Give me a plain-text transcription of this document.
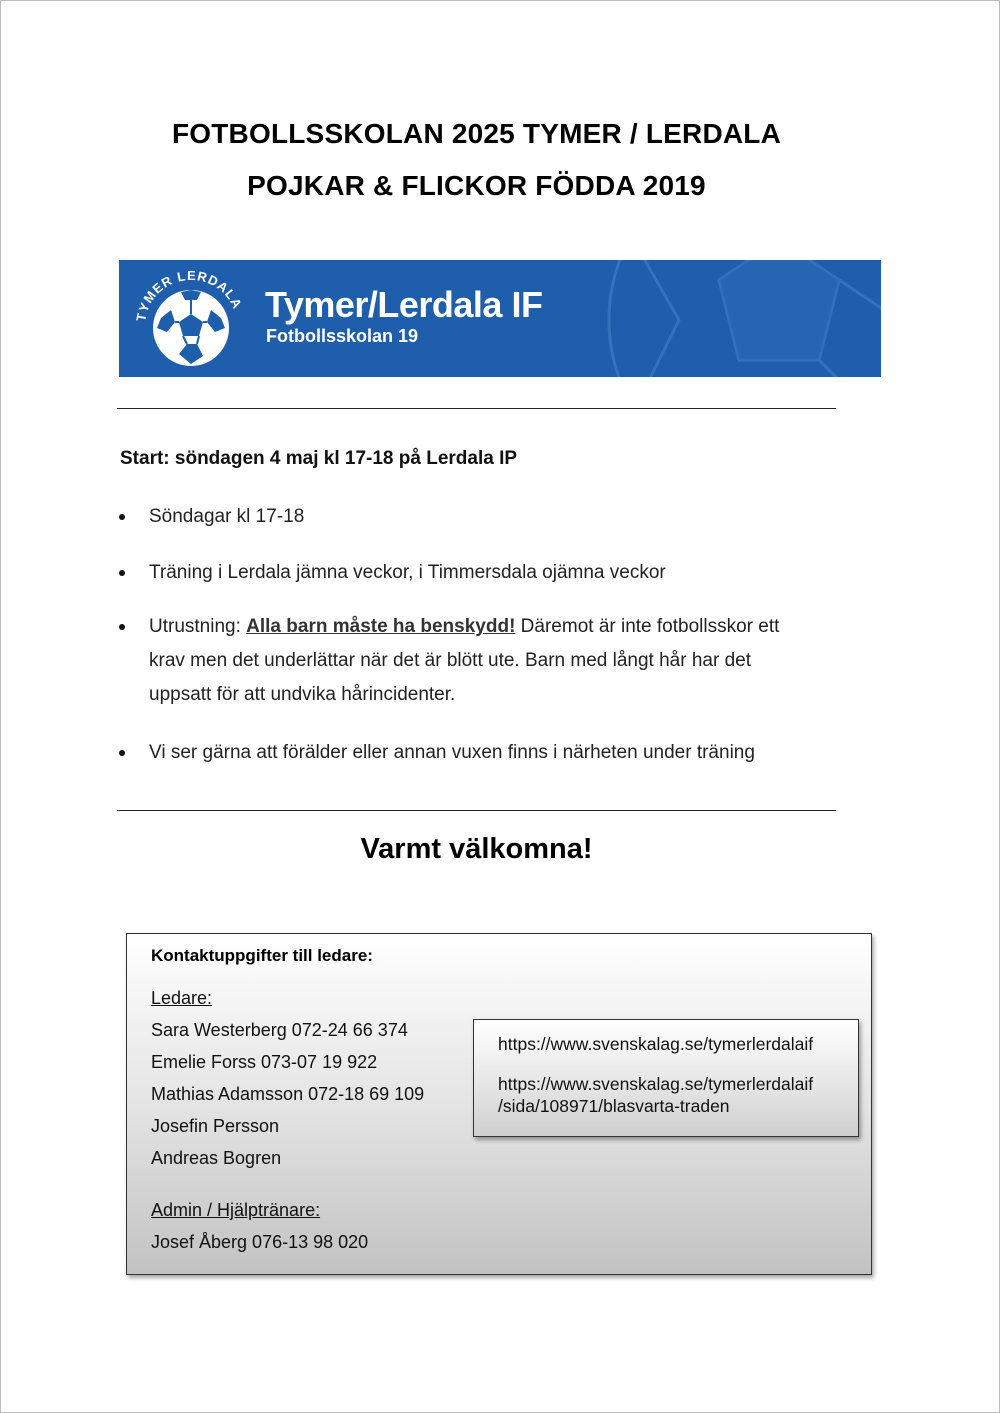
FOTBOLLSSKOLAN 2025 TYMER / LERDALA
POJKAR & FLICKOR FÖDDA 2019
TYMER LERDALA Tymer/Lerdala IF
Fotbollsskolan 19
Start: söndagen 4 maj kl 17-18 på Lerdala IP
Söndagar kl 17-18
Träning i Lerdala jämna veckor, i Timmersdala ojämna veckor
Utrustning: Alla barn måste ha benskydd! Däremot är inte fotbollsskor ett
krav men det underlättar när det är blött ute. Barn med långt hår har det
uppsatt för att undvika hårincidenter.
Vi ser gärna att förälder eller annan vuxen finns i närheten under träning
Varmt välkomna!
Kontaktuppgifter till ledare:
Ledare:
Sara Westerberg 072-24 66 374
Emelie Forss 073-07 19 922
Mathias Adamsson 072-18 69 109
Josefin Persson
Andreas Bogren
Admin / Hjälptränare:
Josef Åberg 076-13 98 020
https://www.svenskalag.se/tymerlerdalaif
https://www.svenskalag.se/tymerlerdalaif
/sida/108971/blasvarta-traden
